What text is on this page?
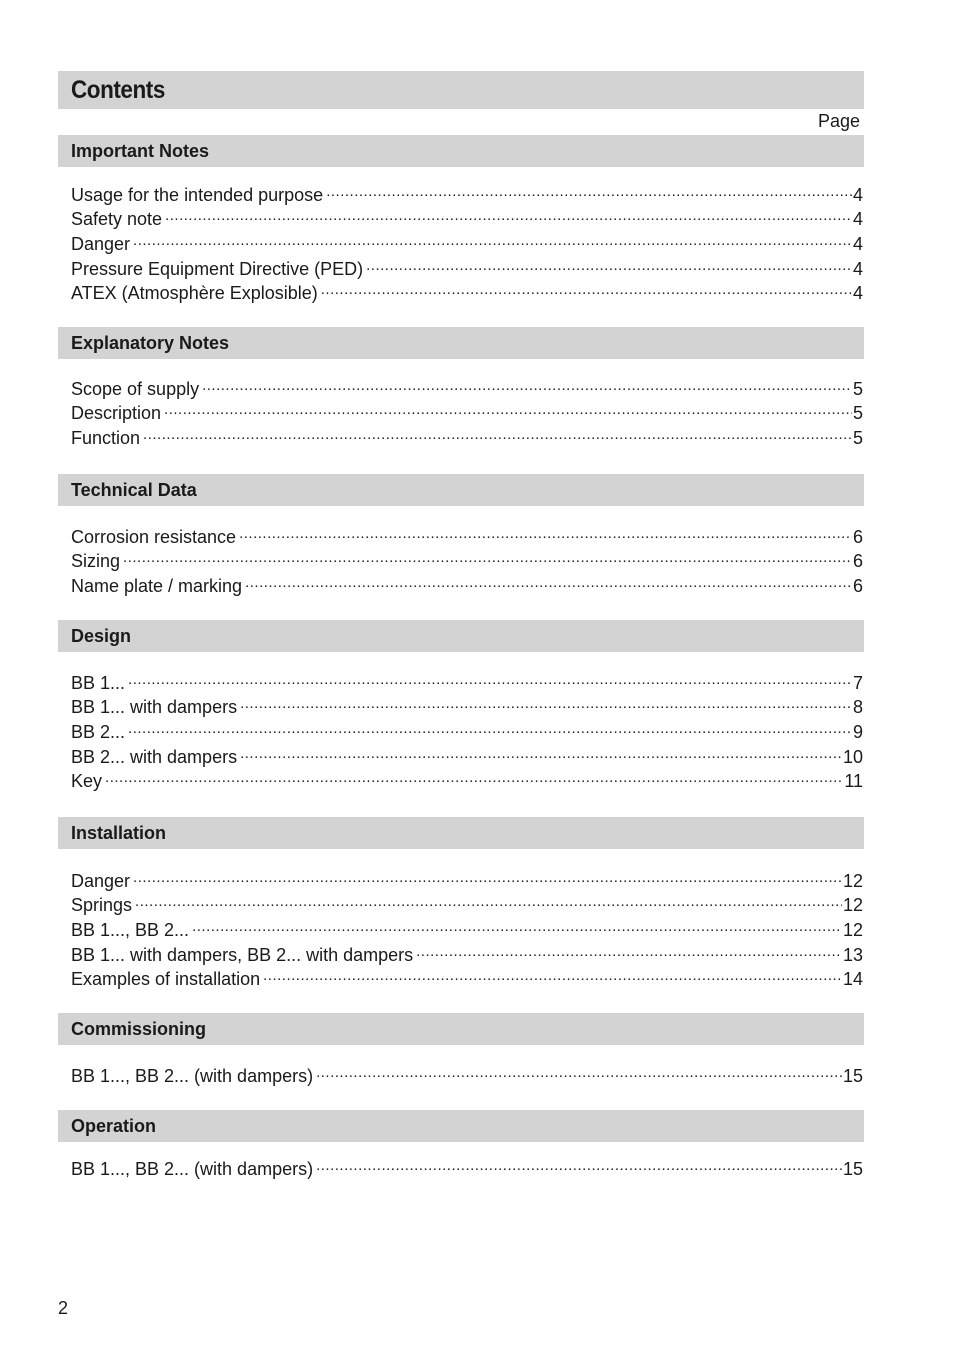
Contents
Page
Important Notes
Usage for the intended purpose .....	4
Safety note .....	4
Danger .....	4
Pressure Equipment Directive (PED) .....	4
ATEX (Atmosphère Explosible) .....	4
Explanatory Notes
Scope of supply .....	5
Description .....	5
Function .....	5
Technical Data
Corrosion resistance .....	6
Sizing .....	6
Name plate / marking .....	6
Design
BB 1... .....	7
BB 1... with dampers .....	8
BB 2... .....	9
BB 2... with dampers .....	10
Key .....	11
Installation
Danger .....	12
Springs .....	12
BB 1..., BB 2... .....	12
BB 1... with dampers, BB 2... with dampers .....	13
Examples of installation .....	14
Commissioning
BB 1..., BB 2... (with dampers) .....	15
Operation
BB 1..., BB 2... (with dampers) .....	15
2
